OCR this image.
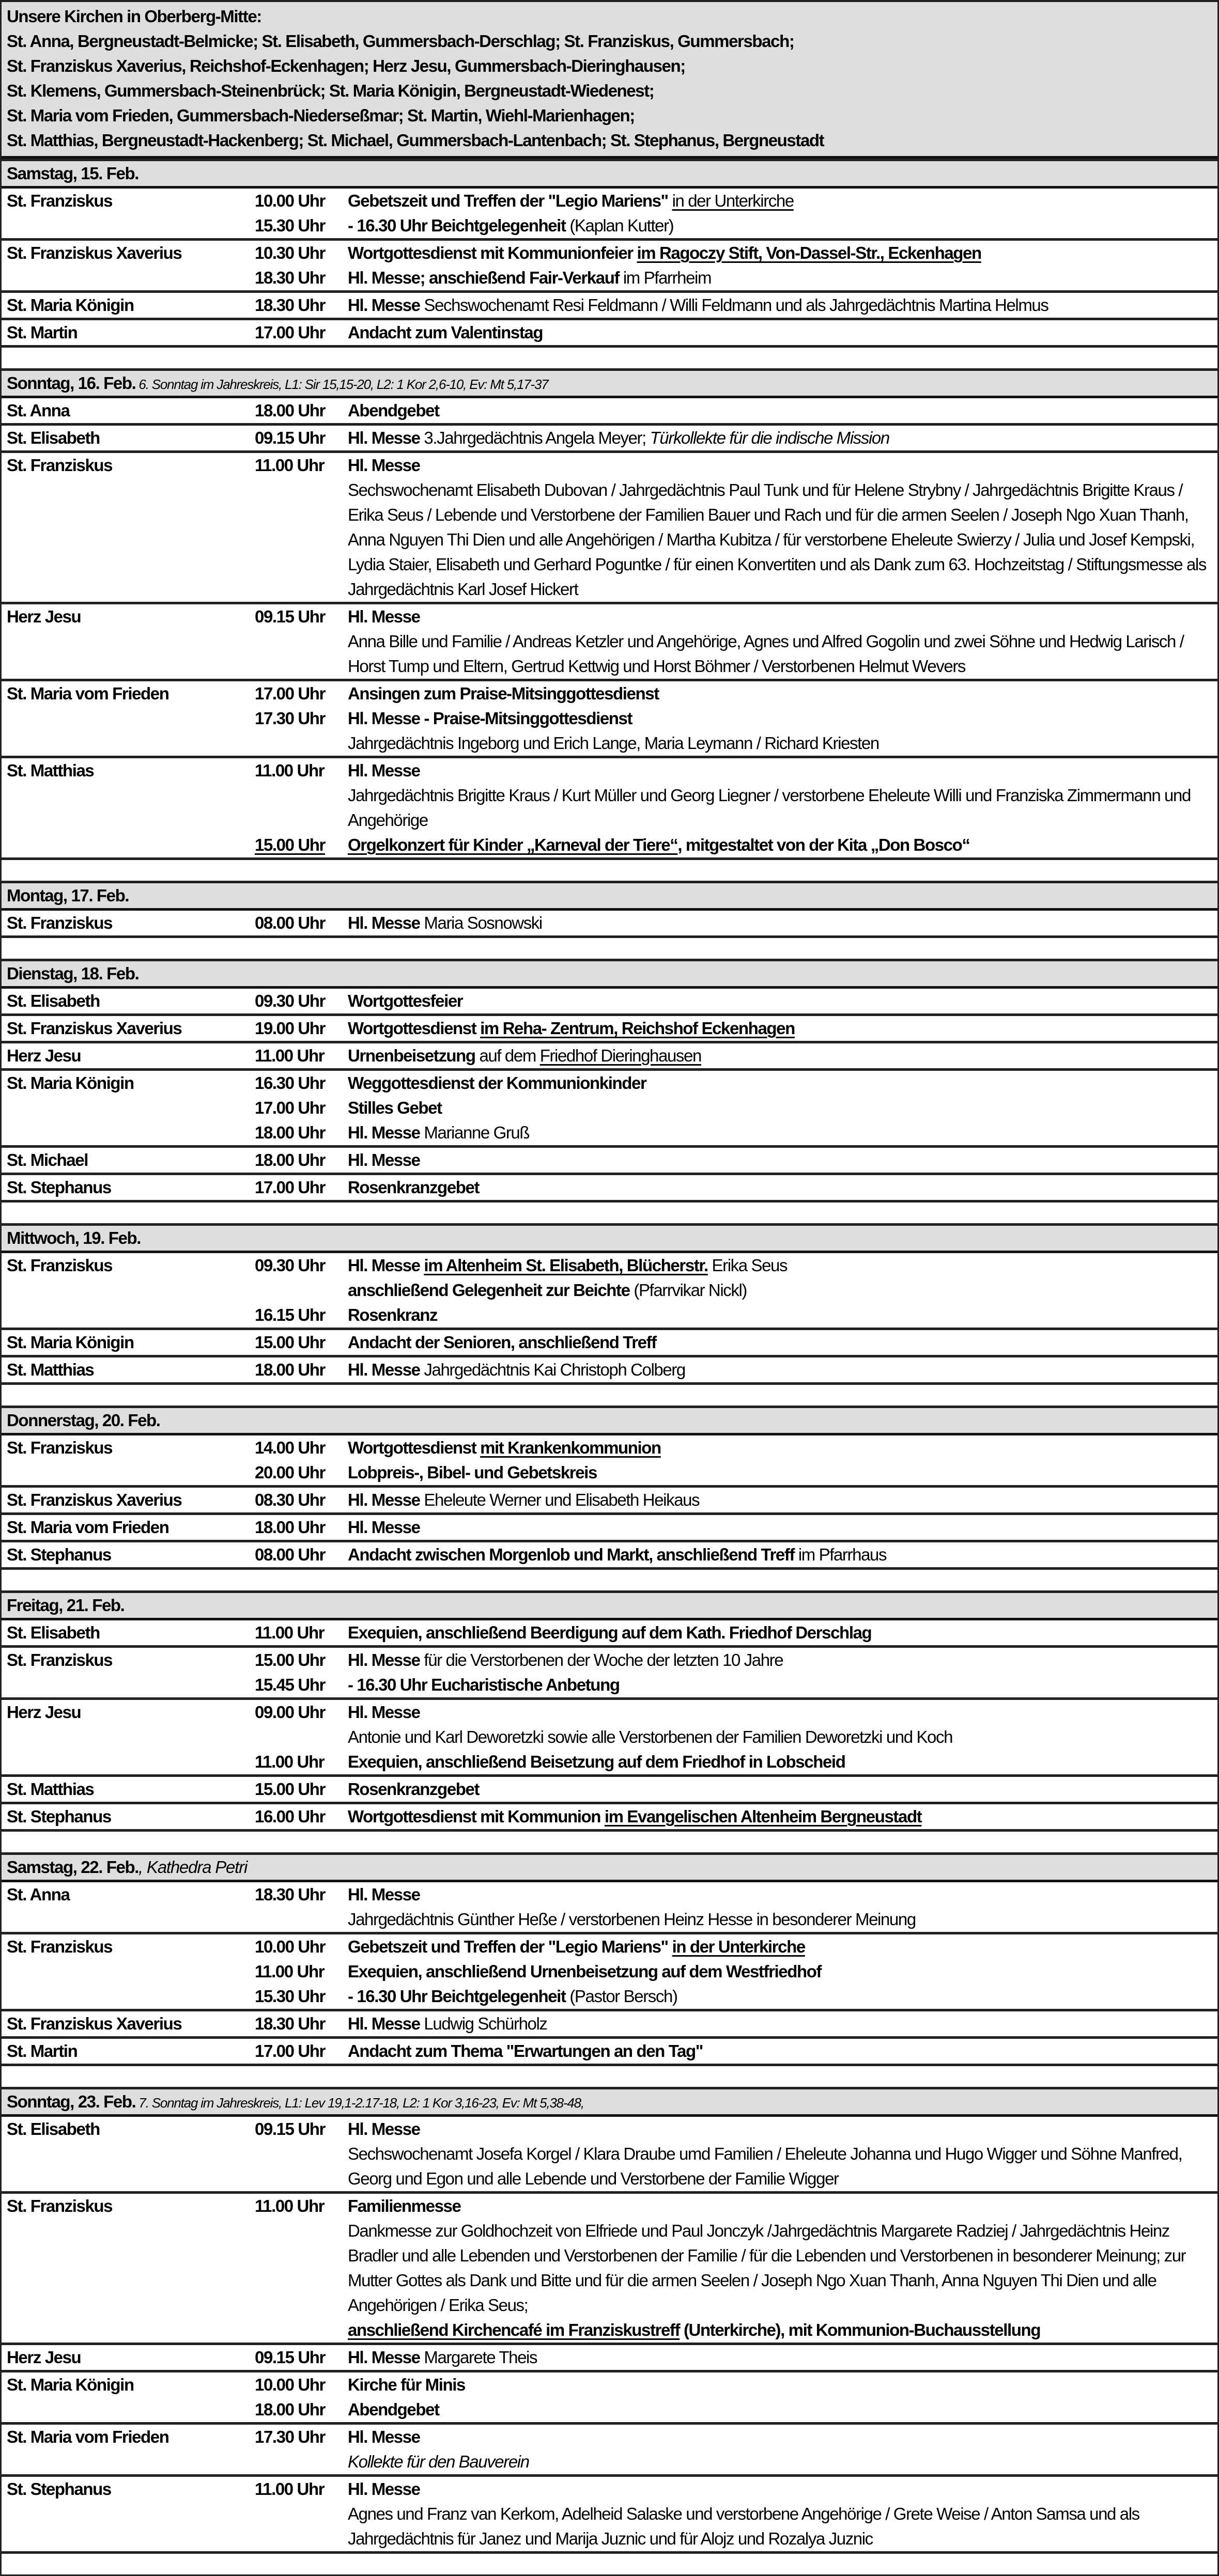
Unsere Kirchen in Oberberg-Mitte:
St. Anna, Bergneustadt-Belmicke; St. Elisabeth, Gummersbach-Derschlag; St. Franziskus, Gummersbach;
St. Franziskus Xaverius, Reichshof-Eckenhagen; Herz Jesu, Gummersbach-Dieringhausen;
St. Klemens, Gummersbach-Steinenbrück; St. Maria Königin, Bergneustadt-Wiedenest;
St. Maria vom Frieden, Gummersbach-Niederseßmar; St. Martin, Wiehl-Marienhagen;
St. Matthias, Bergneustadt-Hackenberg; St. Michael, Gummersbach-Lantenbach; St. Stephanus, Bergneustadt
Samstag, 15. Feb.
St. Franziskus	10.00 Uhr	Gebetszeit und Treffen der "Legio Mariens" in der Unterkirche
15.30 Uhr	- 16.30 Uhr Beichtgelegenheit (Kaplan Kutter)
St. Franziskus Xaverius	10.30 Uhr	Wortgottesdienst mit Kommunionfeier im Ragoczy Stift, Von-Dassel-Str., Eckenhagen
18.30 Uhr	Hl. Messe; anschießend Fair-Verkauf im Pfarrheim
St. Maria Königin	18.30 Uhr	Hl. Messe Sechswochenamt Resi Feldmann / Willi Feldmann und als Jahrgedächtnis Martina Helmus
St. Martin	17.00 Uhr	Andacht zum Valentinstag
Sonntag, 16. Feb. 6. Sonntag im Jahreskreis, L1: Sir 15,15-20, L2: 1 Kor 2,6-10, Ev: Mt 5,17-37
St. Anna	18.00 Uhr	Abendgebet
St. Elisabeth	09.15 Uhr	Hl. Messe 3.Jahrgedächtnis Angela Meyer; Türkollekte für die indische Mission
St. Franziskus	11.00 Uhr	Hl. Messe
Sechswochenamt Elisabeth Dubovan / Jahrgedächtnis Paul Tunk und für Helene Strybny / Jahrgedächtnis Brigitte Kraus / Erika Seus / Lebende und Verstorbene der Familien Bauer und Rach und für die armen Seelen / Joseph Ngo Xuan Thanh, Anna Nguyen Thi Dien und alle Angehörigen / Martha Kubitza / für verstorbene Eheleute Swierzy / Julia und Josef Kempski, Lydia Staier, Elisabeth und Gerhard Poguntke / für einen Konvertiten und als Dank zum 63. Hochzeitstag / Stiftungsmesse als Jahrgedächtnis Karl Josef Hickert
Herz Jesu	09.15 Uhr	Hl. Messe
Anna Bille und Familie / Andreas Ketzler und Angehörige, Agnes und Alfred Gogolin und zwei Söhne und Hedwig Larisch / Horst Tump und Eltern, Gertrud Kettwig und Horst Böhmer / Verstorbenen Helmut Wevers
St. Maria vom Frieden	17.00 Uhr	Ansingen zum Praise-Mitsinggottesdienst
17.30 Uhr	Hl. Messe - Praise-Mitsinggottesdienst
Jahrgedächtnis Ingeborg und Erich Lange, Maria Leymann / Richard Kriesten
St. Matthias	11.00 Uhr	Hl. Messe
Jahrgedächtnis Brigitte Kraus / Kurt Müller und Georg Liegner / verstorbene Eheleute Willi und Franziska Zimmermann und Angehörige
15.00 Uhr	Orgelkonzert für Kinder „Karneval der Tiere“, mitgestaltet von der Kita „Don Bosco“
Montag, 17. Feb.
St. Franziskus	08.00 Uhr	Hl. Messe Maria Sosnowski
Dienstag, 18. Feb.
St. Elisabeth	09.30 Uhr	Wortgottesfeier
St. Franziskus Xaverius	19.00 Uhr	Wortgottesdienst im Reha- Zentrum, Reichshof Eckenhagen
Herz Jesu	11.00 Uhr	Urnenbeisetzung auf dem Friedhof Dieringhausen
St. Maria Königin	16.30 Uhr	Weggottesdienst der Kommunionkinder
17.00 Uhr	Stilles Gebet
18.00 Uhr	Hl. Messe Marianne Gruß
St. Michael	18.00 Uhr	Hl. Messe
St. Stephanus	17.00 Uhr	Rosenkranzgebet
Mittwoch, 19. Feb.
St. Franziskus	09.30 Uhr	Hl. Messe im Altenheim St. Elisabeth, Blücherstr. Erika Seus
anschließend Gelegenheit zur Beichte (Pfarrvikar Nickl)
16.15 Uhr	Rosenkranz
St. Maria Königin	15.00 Uhr	Andacht der Senioren, anschließend Treff
St. Matthias	18.00 Uhr	Hl. Messe Jahrgedächtnis Kai Christoph Colberg
Donnerstag, 20. Feb.
St. Franziskus	14.00 Uhr	Wortgottesdienst mit Krankenkommunion
20.00 Uhr	Lobpreis-, Bibel- und Gebetskreis
St. Franziskus Xaverius	08.30 Uhr	Hl. Messe Eheleute Werner und Elisabeth Heikaus
St. Maria vom Frieden	18.00 Uhr	Hl. Messe
St. Stephanus	08.00 Uhr	Andacht zwischen Morgenlob und Markt, anschließend Treff im Pfarrhaus
Freitag, 21. Feb.
St. Elisabeth	11.00 Uhr	Exequien, anschließend Beerdigung auf dem Kath. Friedhof Derschlag
St. Franziskus	15.00 Uhr	Hl. Messe für die Verstorbenen der Woche der letzten 10 Jahre
15.45 Uhr	- 16.30 Uhr Eucharistische Anbetung
Herz Jesu	09.00 Uhr	Hl. Messe
Antonie und Karl Deworetzki sowie alle Verstorbenen der Familien Deworetzki und Koch
11.00 Uhr	Exequien, anschließend Beisetzung auf dem Friedhof in Lobscheid
St. Matthias	15.00 Uhr	Rosenkranzgebet
St. Stephanus	16.00 Uhr	Wortgottesdienst mit Kommunion im Evangelischen Altenheim Bergneustadt
Samstag, 22. Feb., Kathedra Petri
St. Anna	18.30 Uhr	Hl. Messe
Jahrgedächtnis Günther Heße / verstorbenen Heinz Hesse in besonderer Meinung
St. Franziskus	10.00 Uhr	Gebetszeit und Treffen der "Legio Mariens" in der Unterkirche
11.00 Uhr	Exequien, anschließend Urnenbeisetzung auf dem Westfriedhof
15.30 Uhr	- 16.30 Uhr Beichtgelegenheit (Pastor Bersch)
St. Franziskus Xaverius	18.30 Uhr	Hl. Messe Ludwig Schürholz
St. Martin	17.00 Uhr	Andacht zum Thema "Erwartungen an den Tag"
Sonntag, 23. Feb. 7. Sonntag im Jahreskreis, L1: Lev 19,1-2.17-18, L2: 1 Kor 3,16-23, Ev: Mt 5,38-48,
St. Elisabeth	09.15 Uhr	Hl. Messe
Sechswochenamt Josefa Korgel / Klara Draube umd Familien / Eheleute Johanna und Hugo Wigger und Söhne Manfred, Georg und Egon und alle Lebende und Verstorbene der Familie Wigger
St. Franziskus	11.00 Uhr	Familienmesse
Dankmesse zur Goldhochzeit von Elfriede und Paul Jonczyk /Jahrgedächtnis Margarete Radziej / Jahrgedächtnis Heinz Bradler und alle Lebenden und Verstorbenen der Familie / für die Lebenden und Verstorbenen in besonderer Meinung; zur Mutter Gottes als Dank und Bitte und für die armen Seelen / Joseph Ngo Xuan Thanh, Anna Nguyen Thi Dien und alle Angehörigen / Erika Seus;
anschließend Kirchencafé im Franziskustreff (Unterkirche), mit Kommunion-Buchausstellung
Herz Jesu	09.15 Uhr	Hl. Messe Margarete Theis
St. Maria Königin	10.00 Uhr	Kirche für Minis
18.00 Uhr	Abendgebet
St. Maria vom Frieden	17.30 Uhr	Hl. Messe
Kollekte für den Bauverein
St. Stephanus	11.00 Uhr	Hl. Messe
Agnes und Franz van Kerkom, Adelheid Salaske und verstorbene Angehörige / Grete Weise / Anton Samsa und als Jahrgedächtnis für Janez und Marija Juznic und für Alojz und Rozalya Juznic
